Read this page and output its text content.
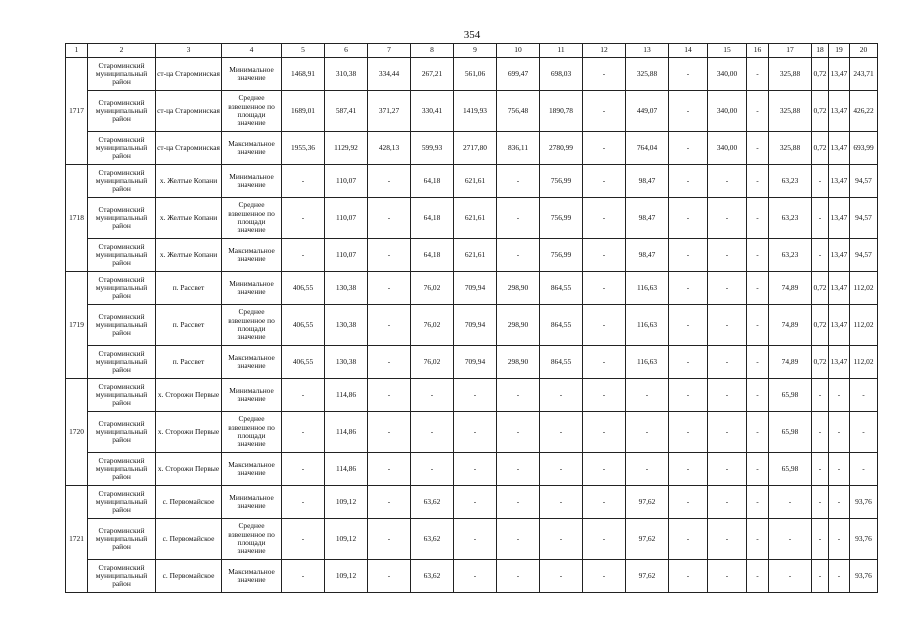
354
1	2	3	4	5	6	7	8	9	10	11	12	13	14	15	16	17	18	19	20
1717	Староминский муниципальный район	ст-ца Староминская	Минимальное значение	1468,91	310,38	334,44	267,21	561,06	699,47	698,03	-	325,88	-	340,00	-	325,88	0,72	13,47	243,71
	Староминский муниципальный район	ст-ца Староминская	Среднее взвешенное по площади значение	1689,01	587,41	371,27	330,41	1419,93	756,48	1890,78	-	449,07	-	340,00	-	325,88	0,72	13,47	426,22
	Староминский муниципальный район	ст-ца Староминская	Максимальное значение	1955,36	1129,92	428,13	599,93	2717,80	836,11	2780,99	-	764,04	-	340,00	-	325,88	0,72	13,47	693,99
1718	Староминский муниципальный район	х. Желтые Копани	Минимальное значение	-	110,07	-	64,18	621,61	-	756,99	-	98,47	-	-	-	63,23	-	13,47	94,57
	Староминский муниципальный район	х. Желтые Копани	Среднее взвешенное по площади значение	-	110,07	-	64,18	621,61	-	756,99	-	98,47	-	-	-	63,23	-	13,47	94,57
	Староминский муниципальный район	х. Желтые Копани	Максимальное значение	-	110,07	-	64,18	621,61	-	756,99	-	98,47	-	-	-	63,23	-	13,47	94,57
1719	Староминский муниципальный район	п. Рассвет	Минимальное значение	406,55	130,38	-	76,02	709,94	298,90	864,55	-	116,63	-	-	-	74,89	0,72	13,47	112,02
	Староминский муниципальный район	п. Рассвет	Среднее взвешенное по площади значение	406,55	130,38	-	76,02	709,94	298,90	864,55	-	116,63	-	-	-	74,89	0,72	13,47	112,02
	Староминский муниципальный район	п. Рассвет	Максимальное значение	406,55	130,38	-	76,02	709,94	298,90	864,55	-	116,63	-	-	-	74,89	0,72	13,47	112,02
1720	Староминский муниципальный район	х. Сторожи Первые	Минимальное значение	-	114,86	-	-	-	-	-	-	-	-	-	-	65,98	-	-	-
	Староминский муниципальный район	х. Сторожи Первые	Среднее взвешенное по площади значение	-	114,86	-	-	-	-	-	-	-	-	-	-	65,98	-	-	-
	Староминский муниципальный район	х. Сторожи Первые	Максимальное значение	-	114,86	-	-	-	-	-	-	-	-	-	-	65,98	-	-	-
1721	Староминский муниципальный район	с. Первомайское	Минимальное значение	-	109,12	-	63,62	-	-	-	-	97,62	-	-	-	-	-	-	93,76
	Староминский муниципальный район	с. Первомайское	Среднее взвешенное по площади значение	-	109,12	-	63,62	-	-	-	-	97,62	-	-	-	-	-	-	93,76
	Староминский муниципальный район	с. Первомайское	Максимальное значение	-	109,12	-	63,62	-	-	-	-	97,62	-	-	-	-	-	-	93,76
